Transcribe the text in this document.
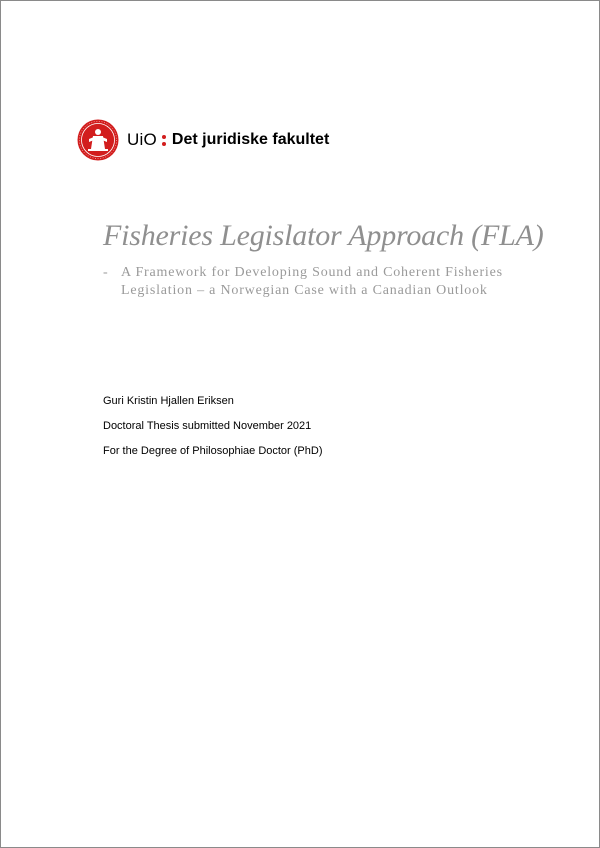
UiO Det juridiske fakultet
Fisheries Legislator Approach (FLA)
- A Framework for Developing Sound and Coherent Fisheries
Legislation – a Norwegian Case with a Canadian Outlook
Guri Kristin Hjallen Eriksen
Doctoral Thesis submitted November 2021
For the Degree of Philosophiae Doctor (PhD)
